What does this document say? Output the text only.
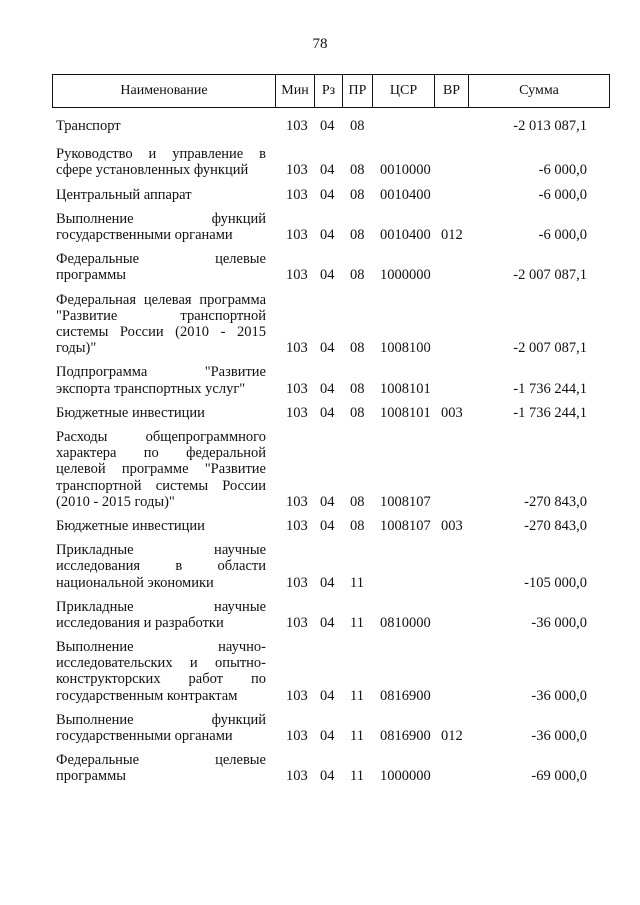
78
Наименование	Мин Рз ПР	ЦСР	ВР	Сумма
Транспорт	103 04 08	-2 013 087,1
Руководство и управление в
сфере установленных функций	103 04 08 0010000	-6 000,0
Центральный аппарат	103 04 08 0010400	-6 000,0
Выполнение функций
государственными органами	103 04 08 0010400 012	-6 000,0
Федеральные целевые
программы	103 04 08 1000000	-2 007 087,1
Федеральная целевая программа
"Развитие транспортной
системы России (2010 - 2015
годы)"	103 04 08 1008100	-2 007 087,1
Подпрограмма "Развитие
экспорта транспортных услуг"	103 04 08 1008101	-1 736 244,1
Бюджетные инвестиции	103 04 08 1008101 003	-1 736 244,1
Расходы общепрограммного
характера по федеральной
целевой программе "Развитие
транспортной системы России
(2010 - 2015 годы)"	103 04 08 1008107	-270 843,0
Бюджетные инвестиции	103 04 08 1008107 003	-270 843,0
Прикладные научные
исследования в области
национальной экономики	103 04 11	-105 000,0
Прикладные научные
исследования и разработки	103 04 11 0810000	-36 000,0
Выполнение научно-
исследовательских и опытно-
конструкторских работ по
государственным контрактам	103 04 11 0816900	-36 000,0
Выполнение функций
государственными органами	103 04 11 0816900 012	-36 000,0
Федеральные целевые
программы	103 04 11 1000000	-69 000,0
